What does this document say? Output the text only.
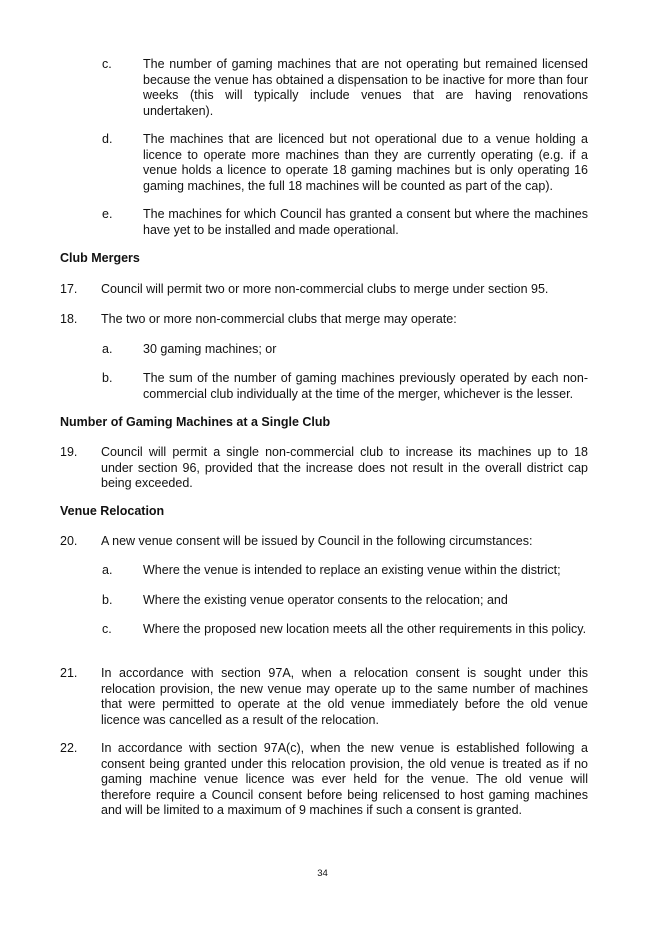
c.	The number of gaming machines that are not operating but remained licensed because the venue has obtained a dispensation to be inactive for more than four weeks (this will typically include venues that are having renovations undertaken).
d. The machines that are licenced but not operational due to a venue holding a licence to operate more machines than they are currently operating (e.g. if a venue holds a licence to operate 18 gaming machines but is only operating 16 gaming machines, the full 18 machines will be counted as part of the cap).
e. The machines for which Council has granted a consent but where the machines have yet to be installed and made operational.
Club Mergers
17. Council will permit two or more non-commercial clubs to merge under section 95.
18. The two or more non-commercial clubs that merge may operate:
a. 30 gaming machines; or
b. The sum of the number of gaming machines previously operated by each non-commercial club individually at the time of the merger, whichever is the lesser.
Number of Gaming Machines at a Single Club
19. Council will permit a single non-commercial club to increase its machines up to 18 under section 96, provided that the increase does not result in the overall district cap being exceeded.
Venue Relocation
20. A new venue consent will be issued by Council in the following circumstances:
a. Where the venue is intended to replace an existing venue within the district;
b. Where the existing venue operator consents to the relocation; and
c.	Where the proposed new location meets all the other requirements in this policy.
21. In accordance with section 97A, when a relocation consent is sought under this relocation provision, the new venue may operate up to the same number of machines that were permitted to operate at the old venue immediately before the old venue licence was cancelled as a result of the relocation.
22. In accordance with section 97A(c), when the new venue is established following a consent being granted under this relocation provision, the old venue is treated as if no gaming machine venue licence was ever held for the venue. The old venue will therefore require a Council consent before being relicensed to host gaming machines and will be limited to a maximum of 9 machines if such a consent is granted.
34
